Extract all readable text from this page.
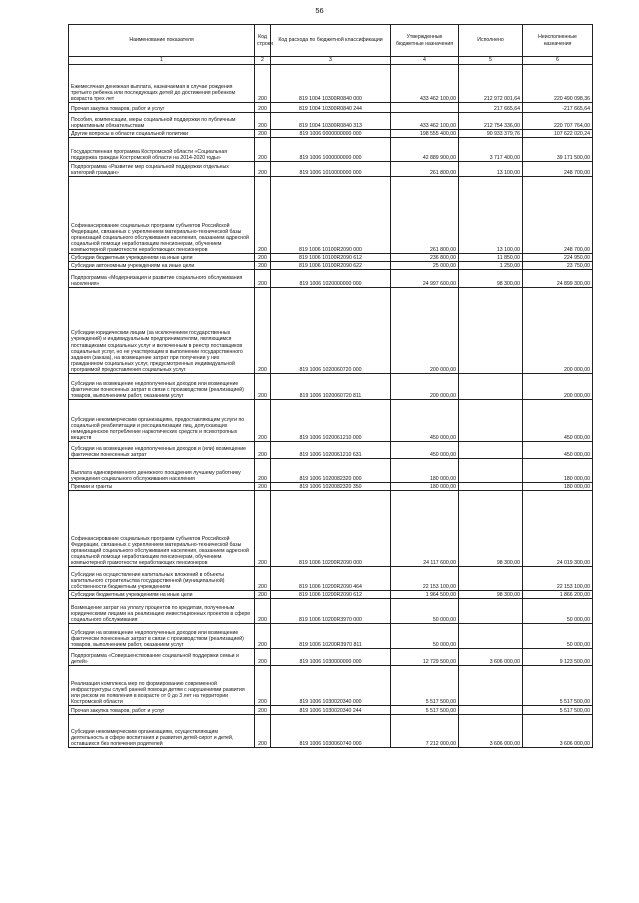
56
Наименование показателя	Код строки	Код расхода по бюджетной классификации	Утвержденные бюджетные назначения	Исполнено	Неисполненные назначения
1	2	3	4	5	6
Ежемесячная денежная выплата, назначаемая в случае рождения третьего ребенка или последующих детей до достижения ребенком возраста трех лет	200	819 1004 10300R0840 000	433 462 100,00	212 972 001,64	220 490 098,36
Прочая закупка товаров, работ и услуг	200	819 1004 10300R0840 244		217 665,64	-217 665,64
Пособия, компенсации, меры социальной поддержки по публичным нормативным обязательствам	200	819 1004 10300R0840 313	433 462 100,00	212 754 336,00	220 707 764,00
Другие вопросы в области социальной политики	200	819 1006 0000000000 000	198 555 400,00	90 933 379,76	107 622 020,24
Государственная программа Костромской области «Социальная поддержка граждан Костромской области на 2014-2020 годы»	200	819 1006 1000000000 000	42 889 900,00	3 717 400,00	39 171 500,00
Подпрограмма «Развитие мер социальной поддержки отдельных категорий граждан»	200	819 1006 1010000000 000	261 800,00	13 100,00	248 700,00
Софинансирование социальных программ субъектов Российской Федерации, связанных с укреплением материально-технической базы организаций социального обслуживания населения, оказанием адресной социальной помощи неработающим пенсионерам, обучением компьютерной грамотности неработающих пенсионеров	200	819 1006 10100R2090 000	261 800,00	13 100,00	248 700,00
Субсидии бюджетным учреждениям на иные цели	200	819 1006 10100R2090 612	236 800,00	11 850,00	224 950,00
Субсидии автономным учреждениям на иные цели	200	819 1006 10100R2090 622	25 000,00	1 250,00	23 750,00
Подпрограмма «Модернизация и развитие социального обслуживания населения»	200	819 1006 1020000000 000	24 997 600,00	98 300,00	24 899 300,00
Субсидии юридическим лицам (за исключением государственных учреждений) и индивидуальным предпринимателям, являющимся поставщиками социальных услуг и включенным в реестр поставщиков социальных услуг, но не участвующим в выполнении государственного задания (заказа), на возмещение затрат при получении у них гражданином социальных услуг, предусмотренных индивидуальной программой предоставления социальных услуг	200	819 1006 1020060720 000	200 000,00		200 000,00
Субсидии на возмещение недополученных доходов или возмещение фактически понесенных затрат в связи с производством (реализацией) товаров, выполнением работ, оказанием услуг	200	819 1006 1020060720 811	200 000,00		200 000,00
Субсидии некоммерческим организациям, предоставляющим услуги по социальной реабилитации и ресоциализации лиц, допускающих немедицинское потребление наркотических средств и психотропных веществ	200	819 1006 1020061210 000	450 000,00		450 000,00
Субсидии на возмещение недополученных доходов и (или) возмещение фактически понесенных затрат	200	819 1006 1020061210 631	450 000,00		450 000,00
Выплата единовременного денежного поощрения лучшему работнику учреждения социального обслуживания населения	200	819 1006 1020082320 000	180 000,00		180 000,00
Премии и гранты	200	819 1006 1020082320 350	180 000,00		180 000,00
Софинансирование социальных программ субъектов Российской Федерации, связанных с укреплением материально-технической базы организаций социального обслуживания населения, оказанием адресной социальной помощи неработающим пенсионерам, обучением компьютерной грамотности неработающих пенсионеров	200	819 1006 10200R2090 000	24 117 600,00	98 300,00	24 019 300,00
Субсидии на осуществление капитальных вложений в объекты капитального строительства государственной (муниципальной) собственности бюджетным учреждениям	200	819 1006 10200R2090 464	22 153 100,00		22 153 100,00
Субсидии бюджетным учреждениям на иные цели	200	819 1006 10200R2090 612	1 964 500,00	98 300,00	1 866 200,00
Возмещение затрат на уплату процентов по кредитам, полученным юридическими лицами на реализацию инвестиционных проектов в сфере социального обслуживания	200	819 1006 10200R3970 000	50 000,00		50 000,00
Субсидии на возмещение недополученных доходов или возмещение фактически понесенных затрат в связи с производством (реализацией) товаров, выполнением работ, оказанием услуг	200	819 1006 10200R3970 811	50 000,00		50 000,00
Подпрограмма «Совершенствование социальной поддержки семьи и детей»	200	819 1006 1030000000 000	12 729 500,00	3 606 000,00	9 123 500,00
Реализация комплекса мер по формированию современной инфраструктуры служб ранней помощи детям с нарушениями развития или риском их появления в возрасте от 0 до 3 лет на территории Костромской области	200	819 1006 1030020340 000	5 517 500,00		5 517 500,00
Прочая закупка товаров, работ и услуг	200	819 1006 1030020340 244	5 517 500,00		5 517 500,00
Субсидии некоммерческим организациям, осуществляющим деятельность в сфере воспитания и развития детей-сирот и детей, оставшихся без попечения родителей	200	819 1006 1030060740 000	7 212 000,00	3 606 000,00	3 606 000,00
